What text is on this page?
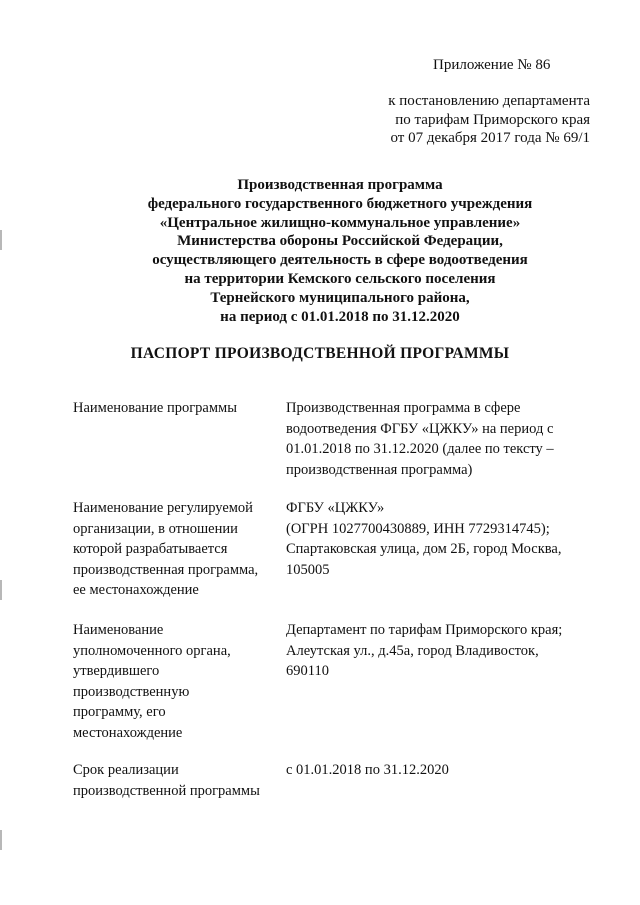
Приложение № 86
к постановлению департамента
по тарифам Приморского края
от 07 декабря 2017 года № 69/1
Производственная программа
федерального государственного бюджетного учреждения
«Центральное жилищно-коммунальное управление»
Министерства обороны Российской Федерации,
осуществляющего деятельность в сфере водоотведения
на территории Кемского сельского поселения
Тернейского муниципального района,
на период с 01.01.2018 по 31.12.2020
ПАСПОРТ ПРОИЗВОДСТВЕННОЙ ПРОГРАММЫ
Наименование программы	Производственная программа в сфере
водоотведения ФГБУ «ЦЖКУ» на период с
01.01.2018 по 31.12.2020 (далее по тексту –
производственная программа)
Наименование регулируемой
организации, в отношении
которой разрабатывается
производственная программа,
ее местонахождение
ФГБУ «ЦЖКУ»
(ОГРН 1027700430889, ИНН 7729314745);
Спартаковская улица, дом 2Б, город Москва,
105005
Наименование
уполномоченного органа,
утвердившего
производственную
программу, его
местонахождение
Департамент по тарифам Приморского края;
Алеутская ул., д.45а, город Владивосток,
690110
Срок реализации
производственной программы
с 01.01.2018 по 31.12.2020
